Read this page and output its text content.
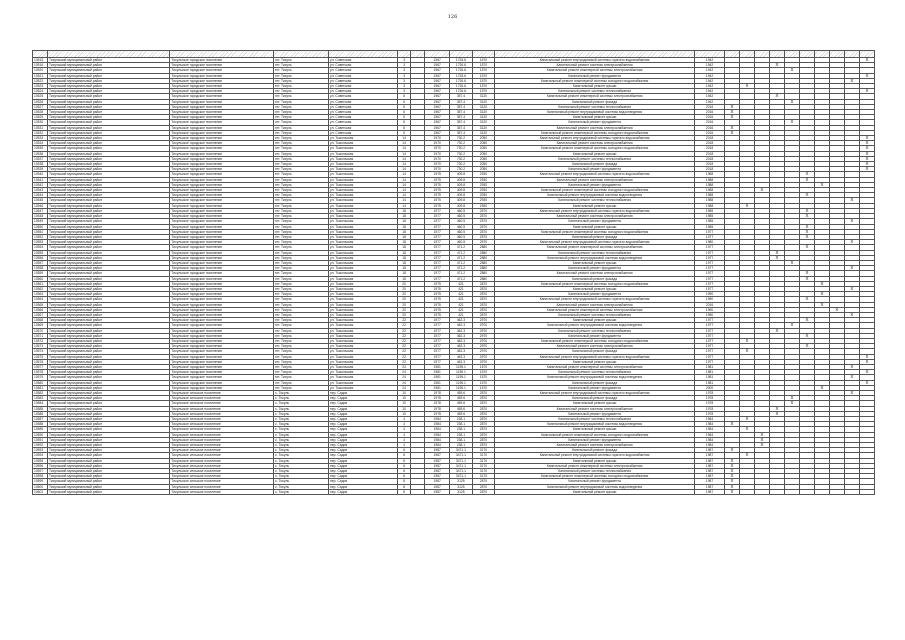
126

10515	Тисульский муниципальный район	Тисульское городское поселение	пгт. Тисуль	ул. Советская	3		1967	1726.6	1570	Капитальный ремонт внутридомовой системы горячего водоснабжения	1942										X
10516	Тисульский муниципальный район	Тисульское городское поселение	пгт. Тисуль	ул. Советская	3		1967	1726.6	1570	Капитальный ремонт системы электроснабжения	1942				X						
10520	Тисульский муниципальный район	Тисульское городское поселение	пгт. Тисуль	ул. Советская	3		1967	1726.6	1570	Капитальный ремонт инженерной системы электроснабжения	1942					X					
10521	Тисульский муниципальный район	Тисульское городское поселение	пгт. Тисуль	ул. Советская	3		1967	1726.6	1570	Капитальный ремонт фундамента	1942										X
10522	Тисульский муниципальный район	Тисульское городское поселение	пгт. Тисуль	ул. Советская	3		1967	1726.6	1570	Капитальный ремонт инженерной системы холодного водоснабжения	1942									X	
10523	Тисульский муниципальный район	Тисульское городское поселение	пгт. Тисуль	ул. Советская	3		1967	1726.6	1570	Капитальный ремонт крыши	1942		X								
10524	Тисульский муниципальный район	Тисульское городское поселение	пгт. Тисуль	ул. Советская	3		1967	1726.6	1570	Капитальный ремонт системы теплоснабжения	1942										X
10525	Тисульский муниципальный район	Тисульское городское поселение	пгт. Тисуль	ул. Советская	6		1967	357.4	3120	Капитальный ремонт инженерной системы электроснабжения	1942				X						
10526	Тисульский муниципальный район	Тисульское городское поселение	пгт. Тисуль	ул. Советская	6		1967	357.4	3120	Капитальный ремонт фасада	1942					X					
10527	Тисульский муниципальный район	Тисульское городское поселение	пгт. Тисуль	ул. Советская	6		1967	357.4	3120	Капитальный ремонт системы теплоснабжения	2016	X									
10528	Тисульский муниципальный район	Тисульское городское поселение	пгт. Тисуль	ул. Советская	6		1967	357.4	3120	Капитальный ремонт внутридомовой системы водоотведения	2016	X									
10529	Тисульский муниципальный район	Тисульское городское поселение	пгт. Тисуль	ул. Советская	6		1967	357.4	3120	Капитальный ремонт крыши	2016	X									
10530	Тисульский муниципальный район	Тисульское городское поселение	пгт. Тисуль	ул. Советская	6		1967	357.4	3120	Капитальный ремонт фундамента	2016					X					
10531	Тисульский муниципальный район	Тисульское городское поселение	пгт. Тисуль	ул. Советская	6		1967	357.4	3120	Капитальный ремонт системы электроснабжения	2016	X									
10532	Тисульский муниципальный район	Тисульское городское поселение	пгт. Тисуль	ул. Советская	6		1967	357.4	3120	Капитальный ремонт инженерной системы холодного водоснабжения	2016	X									
10533	Тисульский муниципальный район	Тисульское городское поселение	пгт. Тисуль	ул. Тыкольская	14		1970	730.2	2050	Капитальный ремонт внутридомовой системы горячего водоснабжения	2018										X
10534	Тисульский муниципальный район	Тисульское городское поселение	пгт. Тисуль	ул. Тыкольская	14		1970	730.2	2050	Капитальный ремонт системы электроснабжения	2018										X
10535	Тисульский муниципальный район	Тисульское городское поселение	пгт. Тисуль	ул. Тыкольская	14		1970	730.2	2050	Капитальный ремонт инженерной системы холодного водоснабжения	2018										X
10536	Тисульский муниципальный район	Тисульское городское поселение	пгт. Тисуль	ул. Тыкольская	14		1970	730.2	2050	Капитальный ремонт крыши	2018										X
10537	Тисульский муниципальный район	Тисульское городское поселение	пгт. Тисуль	ул. Тыкольская	14		1970	730.2	2050	Капитальный ремонт системы теплоснабжения	2018										X
10538	Тисульский муниципальный район	Тисульское городское поселение	пгт. Тисуль	ул. Тыкольская	14		1970	730.2	2050	Капитальный ремонт фасада	2018										X
10539	Тисульский муниципальный район	Тисульское городское поселение	пгт. Тисуль	ул. Тыкольская	14		1970	730.2	2050	Капитальный ремонт фундамента	2018										X
10540	Тисульский муниципальный район	Тисульское городское поселение	пгт. Тисуль	ул. Тыкольская	14		1975	409.8	2930	Капитальный ремонт внутридомовой системы горячего водоснабжения	1988						X				
10541	Тисульский муниципальный район	Тисульское городское поселение	пгт. Тисуль	ул. Тыкольская	14		1975	409.8	2930	Капитальный ремонт системы электроснабжения	1988						X				
10542	Тисульский муниципальный район	Тисульское городское поселение	пгт. Тисуль	ул. Тыкольская	14		1975	409.8	2930	Капитальный ремонт фундамента	1988							X			
10543	Тисульский муниципальный район	Тисульское городское поселение	пгт. Тисуль	ул. Тыкольская	14		1975	409.8	2930	Капитальный ремонт инженерной системы холодного водоснабжения	1988			X							
10544	Тисульский муниципальный район	Тисульское городское поселение	пгт. Тисуль	ул. Тыкольская	14		1975	409.8	2930	Капитальный ремонт внутридомовой системы водоотведения	1988						X				
10545	Тисульский муниципальный район	Тисульское городское поселение	пгт. Тисуль	ул. Тыкольская	14		1975	409.8	2930	Капитальный ремонт системы теплоснабжения	1988									X	
10546	Тисульский муниципальный район	Тисульское городское поселение	пгт. Тисуль	ул. Тыкольская	14		1975	409.8	2930	Капитальный ремонт крыши	1988		X								
10547	Тисульский муниципальный район	Тисульское городское поселение	пгт. Тисуль	ул. Тыкольская	18		1977	460.5	2570	Капитальный ремонт внутридомовой системы горячего водоснабжения	1985						X				
10548	Тисульский муниципальный район	Тисульское городское поселение	пгт. Тисуль	ул. Тыкольская	18		1977	460.5	2570	Капитальный ремонт системы электроснабжения	1985						X				
10549	Тисульский муниципальный район	Тисульское городское поселение	пгт. Тисуль	ул. Тыкольская	18		1977	460.5	2570	Капитальный ремонт фундамента	1985									X	
10550	Тисульский муниципальный район	Тисульское городское поселение	пгт. Тисуль	ул. Тыкольская	18		1977	460.5	2570	Капитальный ремонт крыши	1985						X				
10551	Тисульский муниципальный район	Тисульское городское поселение	пгт. Тисуль	ул. Тыкольская	18		1977	460.5	2570	Капитальный ремонт инженерной системы холодного водоснабжения	1977						X				
10552	Тисульский муниципальный район	Тисульское городское поселение	пгт. Тисуль	ул. Тыкольская	18		1977	460.5	2570	Капитальный ремонт фасада	1977						X				
10553	Тисульский муниципальный район	Тисульское городское поселение	пгт. Тисуль	ул. Тыкольская	18		1977	460.5	2570	Капитальный ремонт внутридомовой системы горячего водоснабжения	1980									X	
10554	Тисульский муниципальный район	Тисульское городское поселение	пгт. Тисуль	ул. Тыкольская	18		1977	471.2	2880	Капитальный ремонт инженерной системы электроснабжения	1977						X				
10555	Тисульский муниципальный район	Тисульское городское поселение	пгт. Тисуль	ул. Тыкольская	18		1977	471.2	2880	Капитальный ремонт системы теплоснабжения	1977				X						
10556	Тисульский муниципальный район	Тисульское городское поселение	пгт. Тисуль	ул. Тыкольская	18		1977	471.2	2880	Капитальный ремонт внутридомовой системы водоотведения	1977				X						
10557	Тисульский муниципальный район	Тисульское городское поселение	пгт. Тисуль	ул. Тыкольская	18		1977	471.2	2880	Капитальный ремонт крыши	1977					X					
10558	Тисульский муниципальный район	Тисульское городское поселение	пгт. Тисуль	ул. Тыкольская	18		1977	471.2	2880	Капитальный ремонт фундамента	1977									X	
10559	Тисульский муниципальный район	Тисульское городское поселение	пгт. Тисуль	ул. Тыкольская	18		1977	471.2	2880	Капитальный ремонт системы электроснабжения	1977						X				
10560	Тисульский муниципальный район	Тисульское городское поселение	пгт. Тисуль	ул. Тыкольская	18		1977	471.2	2880	Капитальный ремонт фасада	1977						X				
10561	Тисульский муниципальный район	Тисульское городское поселение	пгт. Тисуль	ул. Тыкольская	20		1975	421	2870	Капитальный ремонт инженерной системы холодного водоснабжения	1977							X			
10562	Тисульский муниципальный район	Тисульское городское поселение	пгт. Тисуль	ул. Тыкольская	20		1975	421	2870	Капитальный ремонт крыши	1977									X	
10563	Тисульский муниципальный район	Тисульское городское поселение	пгт. Тисуль	ул. Тыкольская	20		1975	421	2870	Капитальный ремонт фундамента	1990							X			
10564	Тисульский муниципальный район	Тисульское городское поселение	пгт. Тисуль	ул. Тыкольская	20		1975	421	2870	Капитальный ремонт внутридомовой системы горячего водоснабжения	1990						X				
10565	Тисульский муниципальный район	Тисульское городское поселение	пгт. Тисуль	ул. Тыкольская	20		1975	421	2870	Капитальный ремонт системы электроснабжения	2016							X			
10566	Тисульский муниципальный район	Тисульское городское поселение	пгт. Тисуль	ул. Тыкольская	20		1975	421	2870	Капитальный ремонт инженерной системы электроснабжения	1990								X		
10567	Тисульский муниципальный район	Тисульское городское поселение	пгт. Тисуль	ул. Тыкольская	20		1975	421	2870	Капитальный ремонт системы теплоснабжения	1990									X	
10568	Тисульский муниципальный район	Тисульское городское поселение	пгт. Тисуль	ул. Тыкольская	22		1977	462.3	2970	Капитальный ремонт крыши	1977						X				
10569	Тисульский муниципальный район	Тисульское городское поселение	пгт. Тисуль	ул. Тыкольская	22		1977	462.3	2970	Капитальный ремонт внутридомовой системы водоотведения	1977					X					
10570	Тисульский муниципальный район	Тисульское городское поселение	пгт. Тисуль	ул. Тыкольская	22		1977	462.3	2970	Капитальный ремонт системы теплоснабжения	1977				X						
10571	Тисульский муниципальный район	Тисульское городское поселение	пгт. Тисуль	ул. Тыкольская	22		1977	462.3	2970	Капитальный ремонт фундамента	1977						X				
10572	Тисульский муниципальный район	Тисульское городское поселение	пгт. Тисуль	ул. Тыкольская	22		1977	462.3	2970	Капитальный ремонт инженерной системы холодного водоснабжения	1977		X								
10573	Тисульский муниципальный район	Тисульское городское поселение	пгт. Тисуль	ул. Тыкольская	22		1977	462.3	2970	Капитальный ремонт системы электроснабжения	1977						X				
10574	Тисульский муниципальный район	Тисульское городское поселение	пгт. Тисуль	ул. Тыкольская	22		1977	462.3	2970	Капитальный ремонт фасада	1977		X								
10575	Тисульский муниципальный район	Тисульское городское поселение	пгт. Тисуль	ул. Тыкольская	22		1977	462.3	2970	Капитальный ремонт внутридомовой системы горячего водоснабжения	1977										X
10576	Тисульский муниципальный район	Тисульское городское поселение	пгт. Тисуль	ул. Тыкольская	22		1977	462.3	2970	Капитальный ремонт крыши	1977										X
10577	Тисульский муниципальный район	Тисульское городское поселение	пгт. Тисуль	ул. Тыкольская	24		1981	1195.1	1570	Капитальный ремонт инженерной системы электроснабжения	1981									X	
10578	Тисульский муниципальный район	Тисульское городское поселение	пгт. Тисуль	ул. Тыкольская	24		1981	1195.1	1570	Капитальный ремонт системы теплоснабжения	1981										X
10579	Тисульский муниципальный район	Тисульское городское поселение	пгт. Тисуль	ул. Тыкольская	24		1981	1195.1	1570	Капитальный ремонт внутридомовой системы водоотведения	1981									X	
10580	Тисульский муниципальный район	Тисульское городское поселение	пгт. Тисуль	ул. Тыкольская	24		1981	1195.1	1570	Капитальный ремонт фасада	1981										X
10581	Тисульский муниципальный район	Тисульское городское поселение	пгт. Тисуль	ул. Тыкольская	24		1981	1195.1	1570	Капитальный ремонт фундамента	2000							X			
10582	Тисульский муниципальный район	Тисульское сельское поселение	с. Тисуль	пер. Садов	10		1978	459.6	2870	Капитальный ремонт внутридомовой системы горячего водоснабжения	1978									X	
10583	Тисульский муниципальный район	Тисульское сельское поселение	с. Тисуль	пер. Садов	10		1978	459.6	2870	Капитальный ремонт фасада	1978					X					
10584	Тисульский муниципальный район	Тисульское сельское поселение	с. Тисуль	пер. Садов	10		1978	459.6	2870	Капитальный ремонт крыши	1978					X					
10585	Тисульский муниципальный район	Тисульское сельское поселение	с. Тисуль	пер. Садов	10		1978	459.6	2870	Капитальный ремонт системы электроснабжения	1978				X						
10586	Тисульский муниципальный район	Тисульское сельское поселение	с. Тисуль	пер. Садов	10		1978	459.6	2870	Капитальный ремонт фундамента	1978				X						
10587	Тисульский муниципальный район	Тисульское сельское поселение	с. Тисуль	пер. Садов	4		1984	238.1	2870	Капитальный ремонт системы теплоснабжения	1984		X								
10588	Тисульский муниципальный район	Тисульское сельское поселение	с. Тисуль	пер. Садов	4		1984	238.1	2870	Капитальный ремонт внутридомовой системы водоотведения	1984	X									
10589	Тисульский муниципальный район	Тисульское сельское поселение	с. Тисуль	пер. Садов	4		1984	238.1	2870	Капитальный ремонт крыши	1984		X								
10590	Тисульский муниципальный район	Тисульское сельское поселение	с. Тисуль	пер. Садов	4		1984	238.1	2870	Капитальный ремонт инженерной системы холодного водоснабжения	1984			X							
10591	Тисульский муниципальный район	Тисульское сельское поселение	с. Тисуль	пер. Садов	4		1984	238.1	2870	Капитальный ремонт фундамента	1984			X							
10592	Тисульский муниципальный район	Тисульское сельское поселение	с. Тисуль	пер. Садов	4		1984	238.1	2870	Капитальный ремонт системы электроснабжения	1984			X							
10593	Тисульский муниципальный район	Тисульское сельское поселение	с. Тисуль	пер. Садов	6		1987	3471.1	3170	Капитальный ремонт фасада	1987	X									
10594	Тисульский муниципальный район	Тисульское сельское поселение	с. Тисуль	пер. Садов	6		1987	3471.1	3170	Капитальный ремонт внутридомовой системы горячего водоснабжения	1987		X								
10595	Тисульский муниципальный район	Тисульское сельское поселение	с. Тисуль	пер. Садов	6		1987	3471.1	3170	Капитальный ремонт крыши	1987	X									
10596	Тисульский муниципальный район	Тисульское сельское поселение	с. Тисуль	пер. Садов	6		1987	3471.1	3170	Капитальный ремонт инженерной системы электроснабжения	1987	X									
10597	Тисульский муниципальный район	Тисульское сельское поселение	с. Тисуль	пер. Садов	6		1987	3471.1	3170	Капитальный ремонт системы теплоснабжения	1987	X									
10598	Тисульский муниципальный район	Тисульское сельское поселение	с. Тисуль	пер. Садов	6		1987	3471.1	3170	Капитальный ремонт инженерной системы холодного водоснабжения	1987	X									
10599	Тисульский муниципальный район	Тисульское сельское поселение	с. Тисуль	пер. Садов	8		1987	3125	2870	Капитальный ремонт фундамента	1987	X									
10600	Тисульский муниципальный район	Тисульское сельское поселение	с. Тисуль	пер. Садов	8		1987	3125	2870	Капитальный ремонт внутридомовой системы водоотведения	1987	X									
10601	Тисульский муниципальный район	Тисульское сельское поселение	с. Тисуль	пер. Садов	8		1987	3125	2870	Капитальный ремонт крыши	1987	X									
